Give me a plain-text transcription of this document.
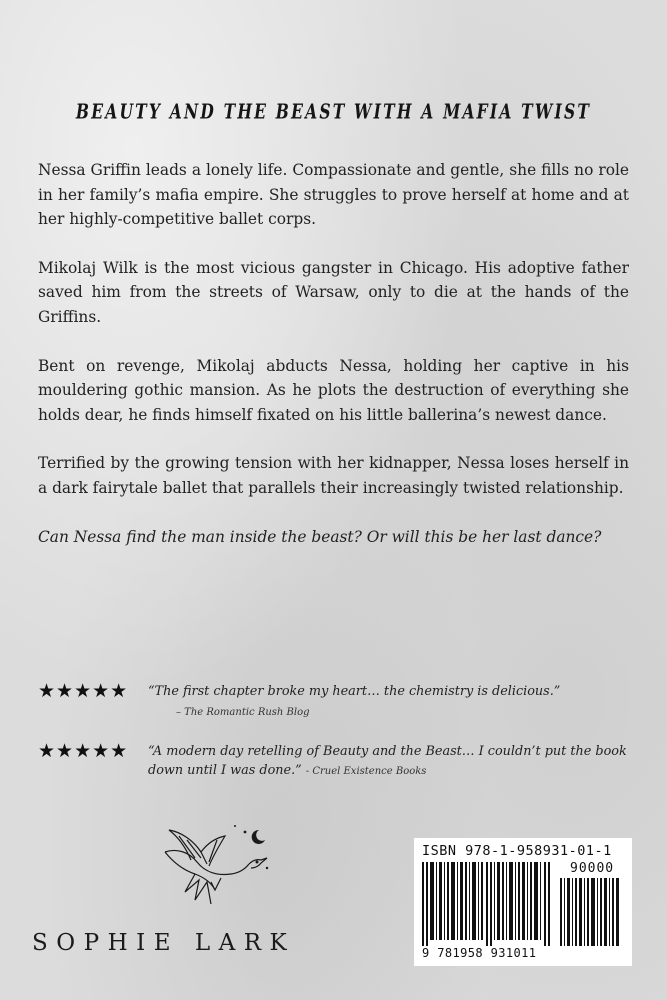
BEAUTY AND THE BEAST WITH A MAFIA TWIST

Nessa Griffin leads a lonely life. Compassionate and gentle, she fills no role in her family’s mafia empire. She struggles to prove herself at home and at her highly-competitive ballet corps.

Mikolaj Wilk is the most vicious gangster in Chicago. His adoptive father saved him from the streets of Warsaw, only to die at the hands of the Griffins.

Bent on revenge, Mikolaj abducts Nessa, holding her captive in his mouldering gothic mansion. As he plots the destruction of everything she holds dear, he finds himself fixated on his little ballerina’s newest dance.

Terrified by the growing tension with her kidnapper, Nessa loses herself in a dark fairytale ballet that parallels their increasingly twisted relationship.

Can Nessa find the man inside the beast? Or will this be her last dance?

★★★★★ “The first chapter broke my heart… the chemistry is delicious.”
– The Romantic Rush Blog
★★★★★ “A modern day retelling of Beauty and the Beast… I couldn’t put the book down until I was done.” - Cruel Existence Books
SOPHIE LARK
ISBN 978-1-958931-01-1
90000
9 781958 931011
